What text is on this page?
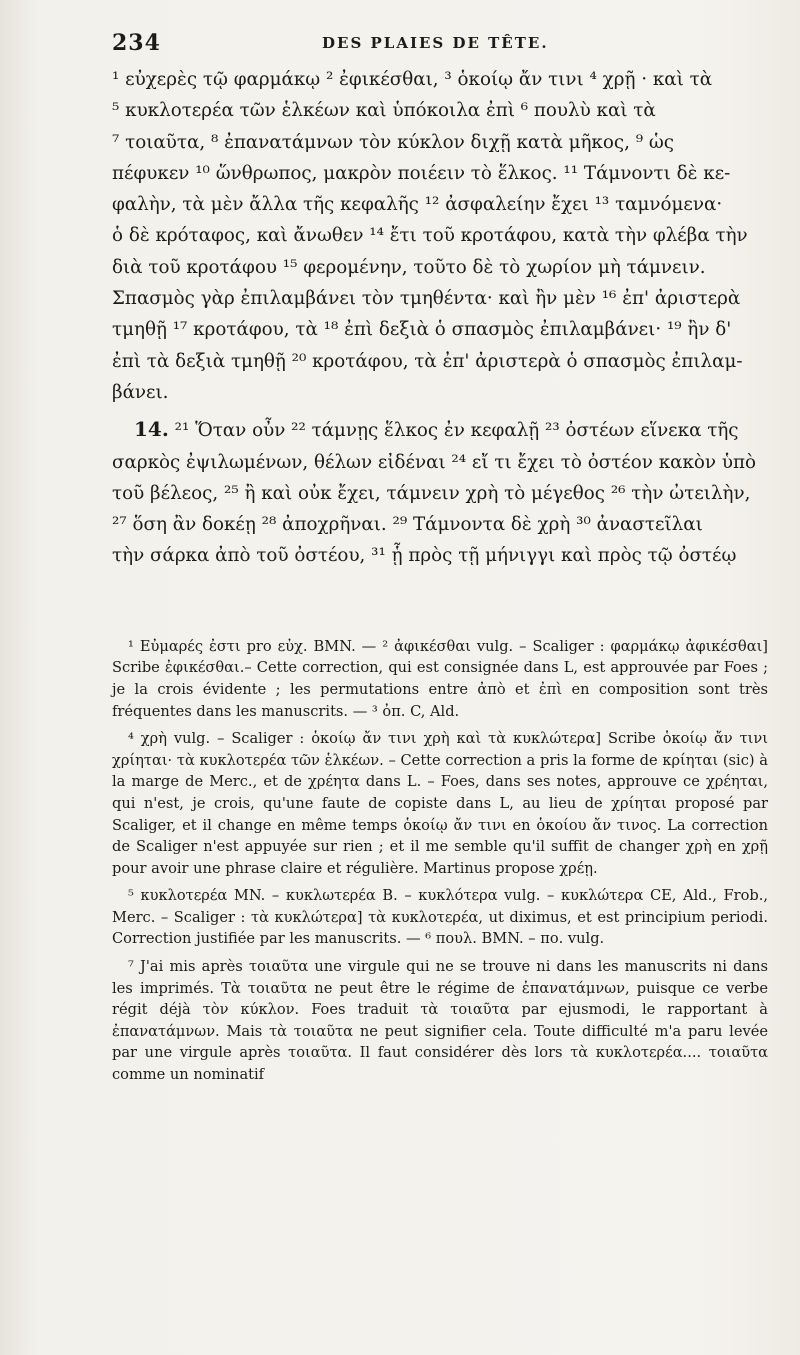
234	DES PLAIES DE TÊTE.
¹ εὐχερὲς τῷ φαρμάκῳ ² ἐφικέσθαι, ³ ὁκοίῳ ἄν τινι ⁴ χρῇ · καὶ τὰ
⁵ κυκλοτερέα τῶν ἑλκέων καὶ ὑπόκοιλα ἐπὶ ⁶ πουλὺ καὶ τὰ
⁷ τοιαῦτα, ⁸ ἐπανατάμνων τὸν κύκλον διχῇ κατὰ μῆκος, ⁹ ὡς
πέφυκεν ¹⁰ ὥνθρωπος, μακρὸν ποιέειν τὸ ἕλκος. ¹¹ Τάμνοντι δὲ κε-
φαλὴν, τὰ μὲν ἄλλα τῆς κεφαλῆς ¹² ἀσφαλείην ἔχει ¹³ ταμνόμενα·
ὁ δὲ κρόταφος, καὶ ἄνωθεν ¹⁴ ἔτι τοῦ κροτάφου, κατὰ τὴν φλέβα τὴν
διὰ τοῦ κροτάφου ¹⁵ φερομένην, τοῦτο δὲ τὸ χωρίον μὴ τάμνειν.
Σπασμὸς γὰρ ἐπιλαμβάνει τὸν τμηθέντα· καὶ ἢν μὲν ¹⁶ ἐπ' ἀριστερὰ
τμηθῇ ¹⁷ κροτάφου, τὰ ¹⁸ ἐπὶ δεξιὰ ὁ σπασμὸς ἐπιλαμβάνει· ¹⁹ ἢν δ'
ἐπὶ τὰ δεξιὰ τμηθῇ ²⁰ κροτάφου, τὰ ἐπ' ἀριστερὰ ὁ σπασμὸς ἐπιλαμ-
βάνει.
14. ²¹ Ὅταν οὖν ²² τάμνῃς ἕλκος ἐν κεφαλῇ ²³ ὀστέων εἵνεκα τῆς
σαρκὸς ἐψιλωμένων, θέλων εἰδέναι ²⁴ εἴ τι ἔχει τὸ ὀστέον κακὸν ὑπὸ
τοῦ βέλεος, ²⁵ ἢ καὶ οὐκ ἔχει, τάμνειν χρὴ τὸ μέγεθος ²⁶ τὴν ὠτειλὴν,
²⁷ ὅση ἂν δοκέῃ ²⁸ ἀποχρῆναι. ²⁹ Τάμνοντα δὲ χρὴ ³⁰ ἀναστεῖλαι
τὴν σάρκα ἀπὸ τοῦ ὀστέου, ³¹ ᾗ πρὸς τῇ μήνιγγι καὶ πρὸς τῷ ὀστέῳ

¹ Εὐμαρές ἐστι pro εὐχ. BMN. — ² ἀφικέσθαι vulg. – Scaliger : φαρμάκῳ ἀφικέσθαι] Scribe ἐφικέσθαι.– Cette correction, qui est consignée dans L, est approuvée par Foes ; je la crois évidente ; les permutations entre ἀπὸ et ἐπὶ en composition sont très fréquentes dans les manuscrits. — ³ ὀπ. C, Ald.

⁴ χρὴ vulg. – Scaliger : ὁκοίῳ ἄν τινι χρὴ καὶ τὰ κυκλώτερα] Scribe ὁκοίῳ ἄν τινι χρίηται· τὰ κυκλοτερέα τῶν ἑλκέων. – Cette correction a pris la forme de κρίηται (sic) à la marge de Merc., et de χρέητα dans L. – Foes, dans ses notes, approuve ce χρέηται, qui n'est, je crois, qu'une faute de copiste dans L, au lieu de χρίηται proposé par Scaliger, et il change en même temps ὁκοίῳ ἄν τινι en ὁκοίου ἄν τινος. La correction de Scaliger n'est appuyée sur rien ; et il me semble qu'il suffit de changer χρὴ en χρῇ pour avoir une phrase claire et régulière. Martinus propose χρέῃ.

⁵ κυκλοτερέα MN. – κυκλωτερέα B. – κυκλότερα vulg. – κυκλώτερα CE, Ald., Frob., Merc. – Scaliger : τὰ κυκλώτερα] τὰ κυκλοτερέα, ut diximus, et est principium periodi. Correction justifiée par les manuscrits. — ⁶ πουλ. BMN. – πο. vulg.

⁷ J'ai mis après τοιαῦτα une virgule qui ne se trouve ni dans les manuscrits ni dans les imprimés. Τὰ τοιαῦτα ne peut être le régime de ἐπανατάμνων, puisque ce verbe régit déjà τὸν κύκλον. Foes traduit τὰ τοιαῦτα par ejusmodi, le rapportant à ἐπανατάμνων. Mais τὰ τοιαῦτα ne peut signifier cela. Toute difficulté m'a paru levée par une virgule après τοιαῦτα. Il faut considérer dès lors τὰ κυκλοτερέα.... τοιαῦτα comme un nominatif
